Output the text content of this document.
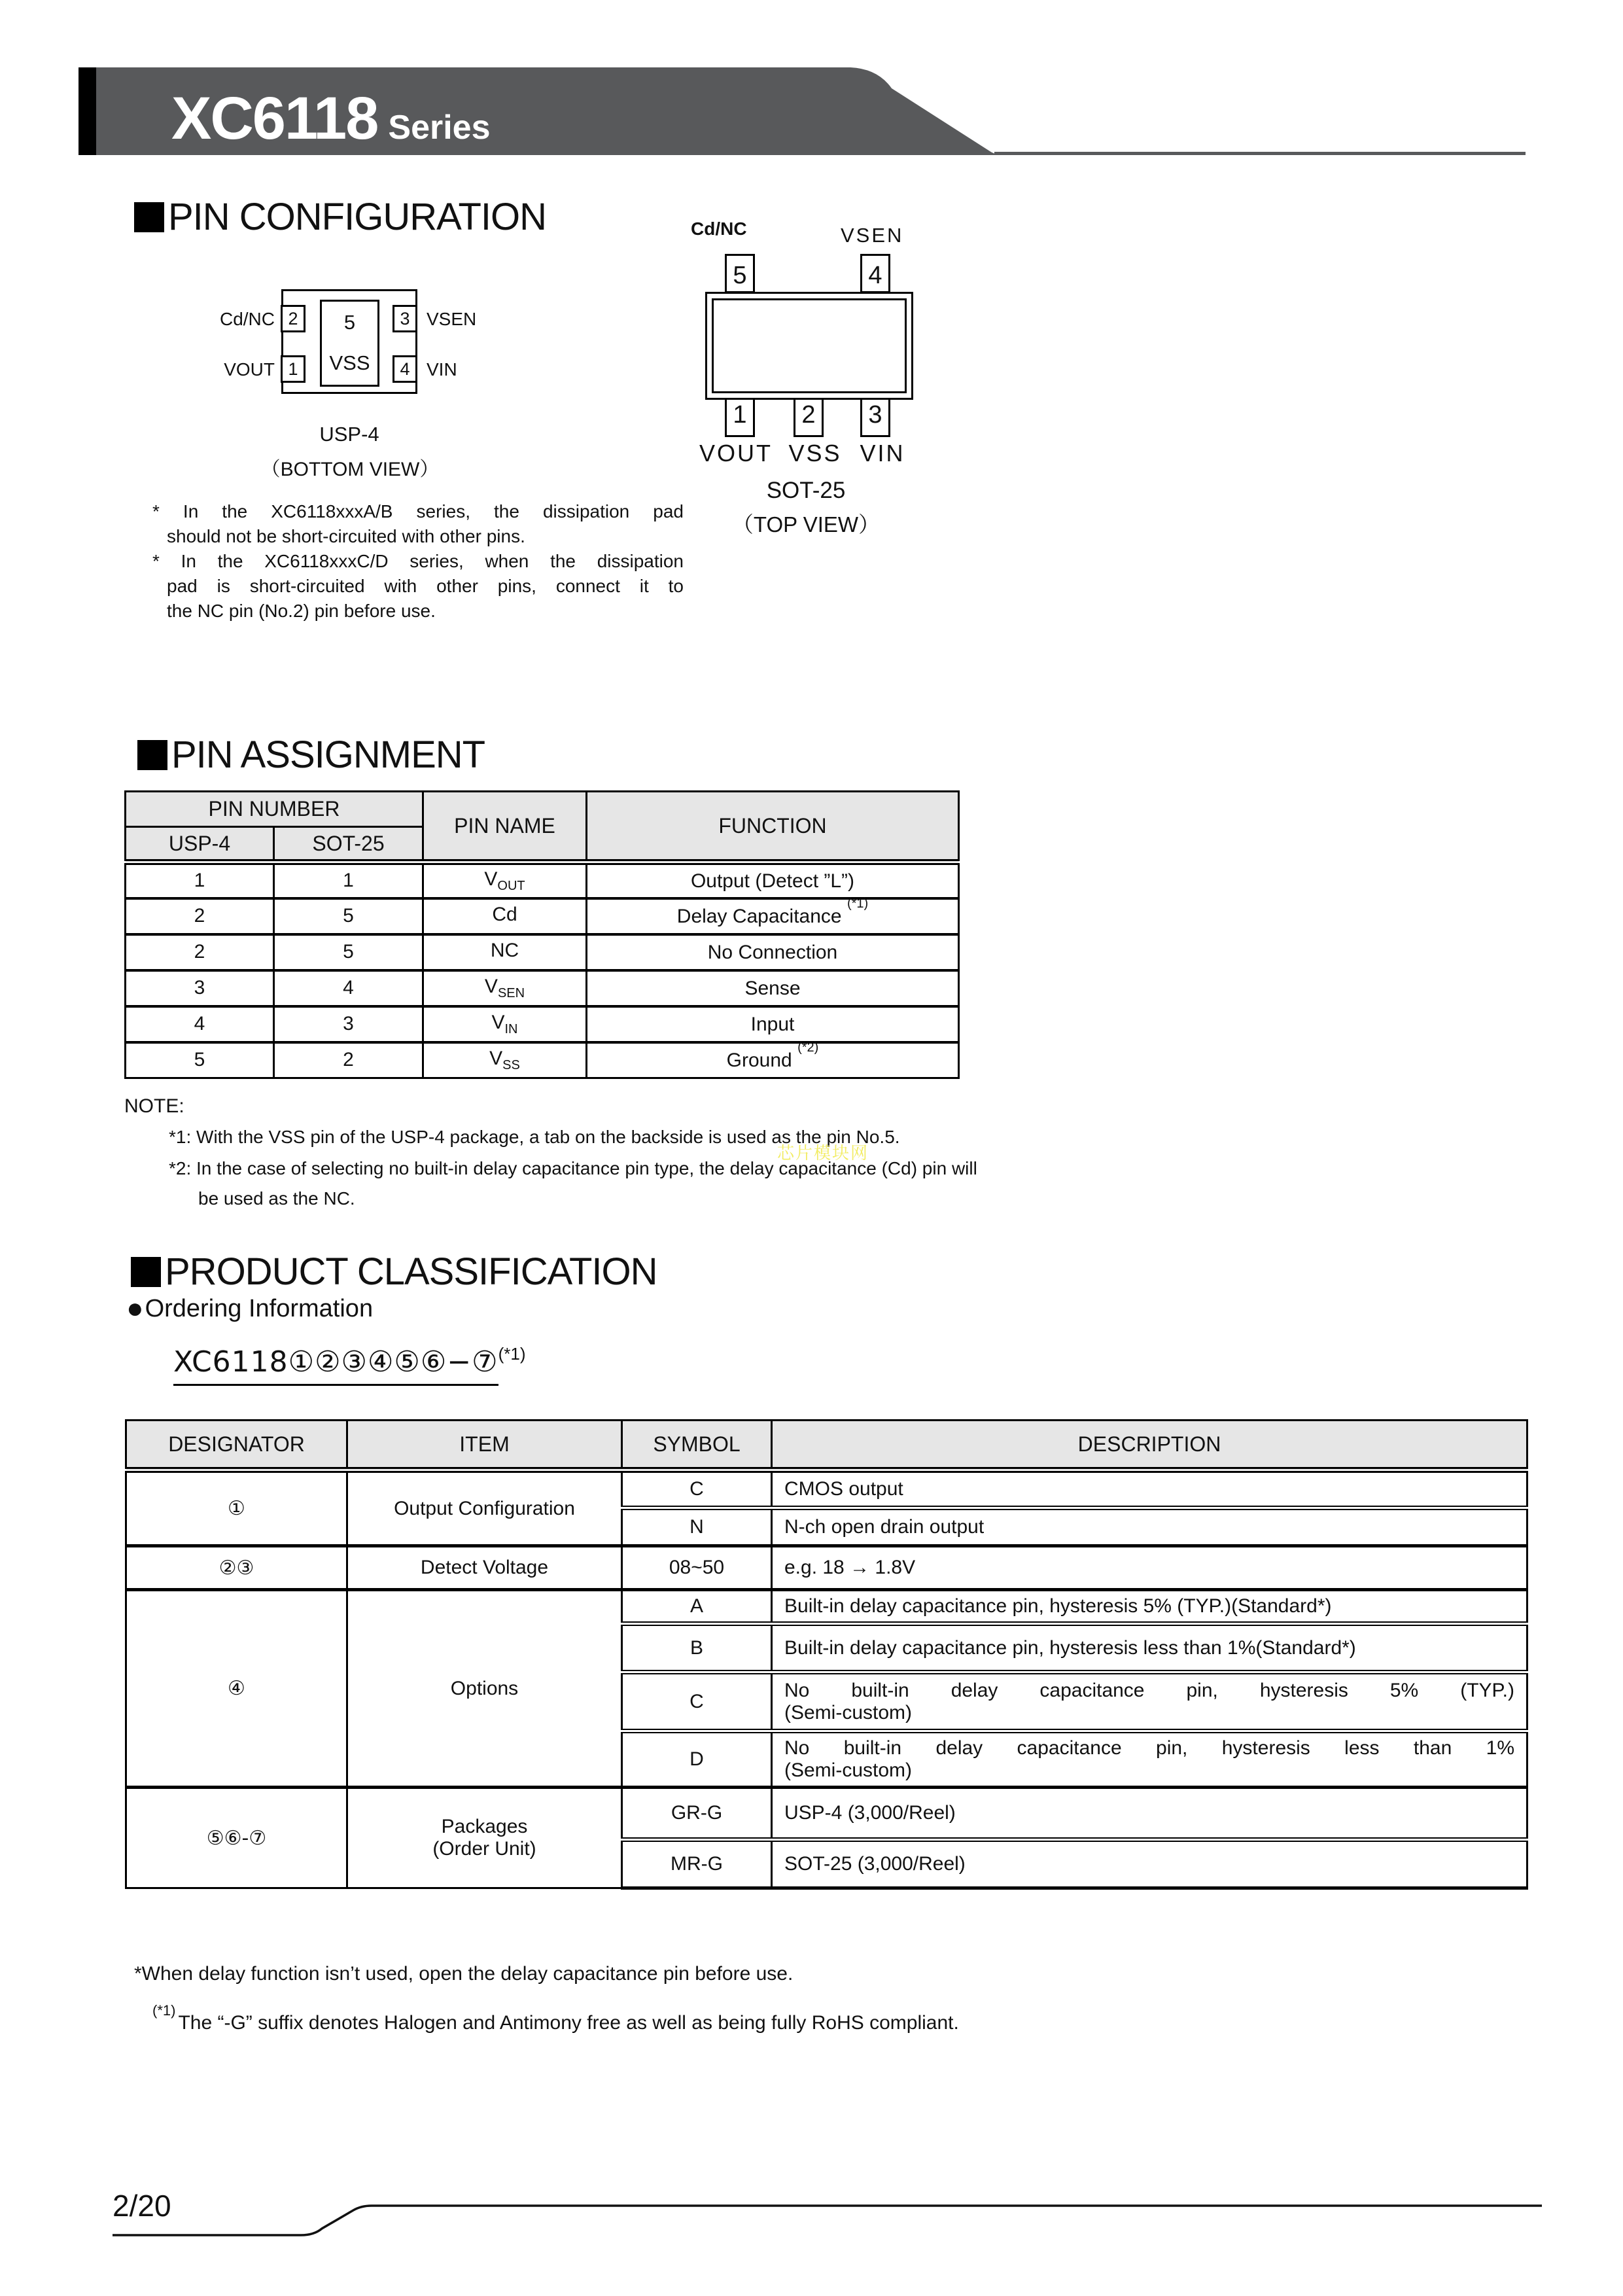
XC6118 Series
PIN CONFIGURATION
5
VSS
2
1
3
4
Cd/NC
VOUT
VSEN
VIN
USP-4
（BOTTOM VIEW）
Cd/NC	VSEN
5	4
1	2	3
VOUT VSS VIN
SOT-25
（TOP VIEW）
* In the XC6118xxxA/B series, the dissipation pad
should not be short-circuited with other pins.
* In the XC6118xxxC/D series, when the dissipation
pad is short-circuited with other pins, connect it to
the NC pin (No.2) pin before use.
PIN ASSIGNMENT
PIN NUMBER		PIN NAME	FUNCTION
USP-4	SOT-25		
1	1	$V_{OUT}$	Output (Detect ”L”)
2	5	Cd	Delay Capacitance $^{(*1)}$
2	5	NC	No Connection
3	4	$V_{SEN}$	Sense
4	3	$V_{IN}$	Input
5	2	$V_{SS}$	Ground $^{(*2)}$
NOTE:
*1: With the VSS pin of the USP-4 package, a tab on the backside is used as the pin No.5.
*2: In the case of selecting no built-in delay capacitance pin type, the delay capacitance (Cd) pin will
be used as the NC.
芯片模块网
PRODUCT CLASSIFICATION
● Ordering Information
XC6118①②③④⑤⑥−⑦$^{(*1)}$
DESIGNATOR	ITEM	SYMBOL	DESCRIPTION
①	Output Configuration	C	CMOS output
		N	N-ch open drain output
②③	Detect Voltage	08~50	e.g. 18 → 1.8V
④	Options	A	Built-in delay capacitance pin, hysteresis 5% (TYP.)(Standard*)
		B	Built-in delay capacitance pin, hysteresis less than 1%(Standard*)
		C	No built-in delay capacitance pin, hysteresis 5% (TYP.)
(Semi-custom)

		D	No built-in delay capacitance pin, hysteresis less than 1%
(Semi-custom)

⑤⑥-⑦	Packages
(Order Unit)	GR-G	USP-4 (3,000/Reel)
		MR-G	SOT-25 (3,000/Reel)
*When delay function isn’t used, open the delay capacitance pin before use.
$^{(*1)}$The “-G” suffix denotes Halogen and Antimony free as well as being fully RoHS compliant.
2/20
